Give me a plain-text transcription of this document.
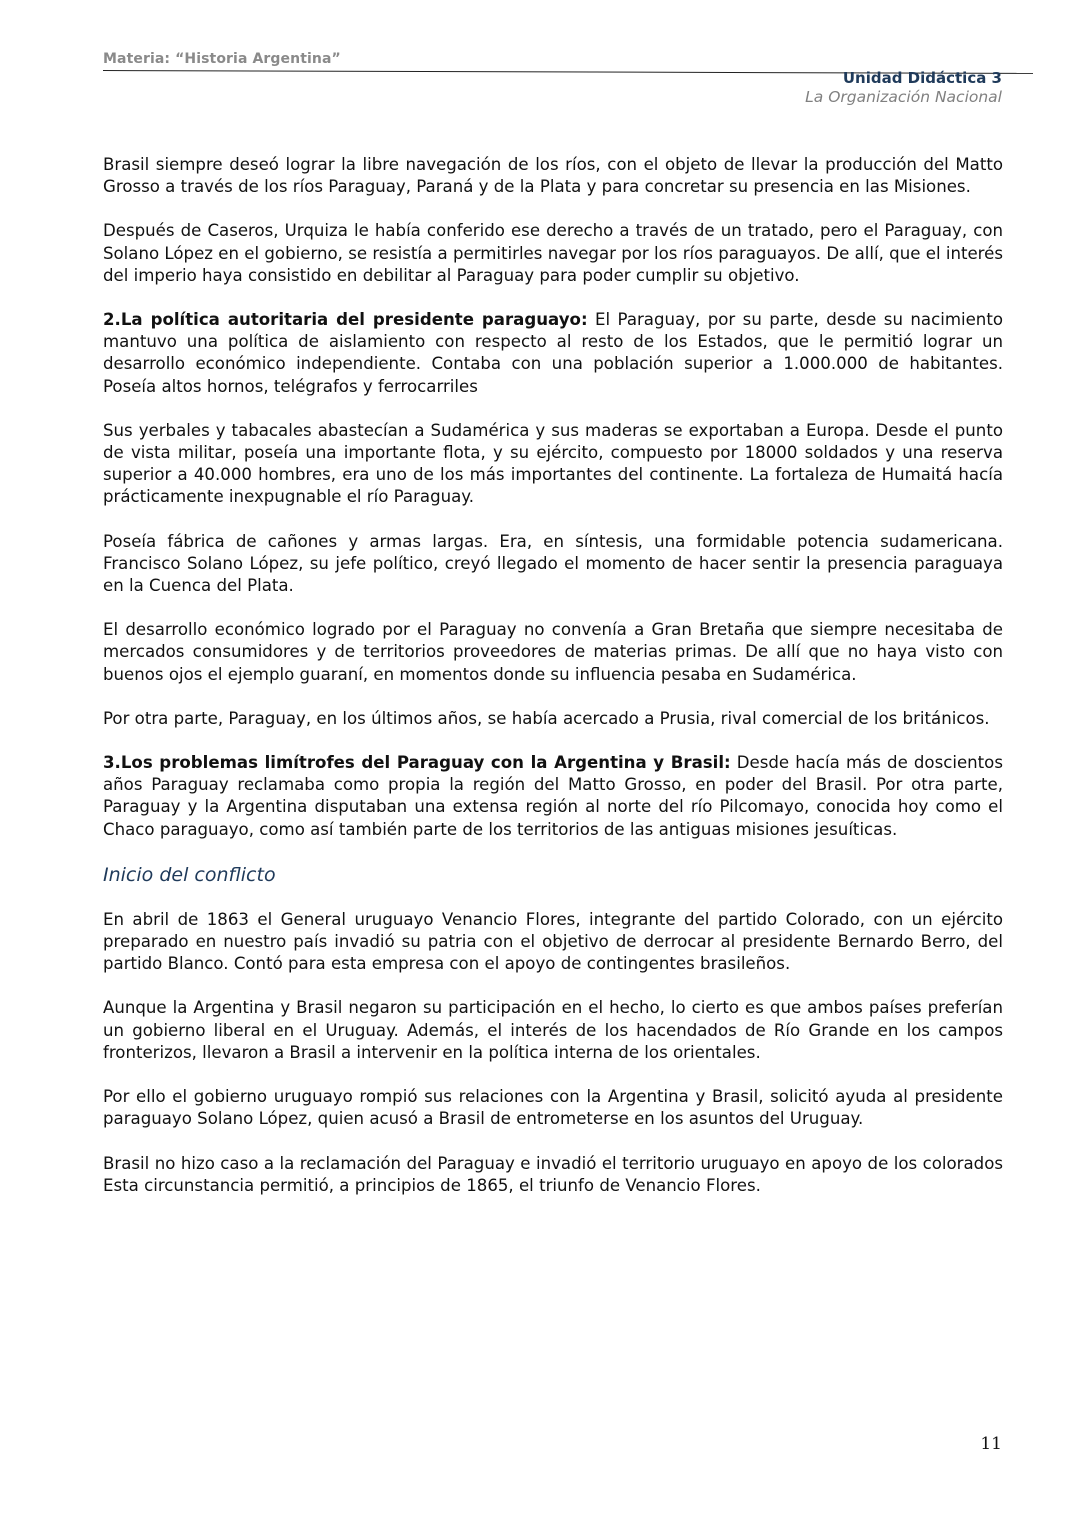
Materia: “Historia Argentina”
Unidad Didáctica 3
La Organización Nacional

Brasil siempre deseó lograr la libre navegación de los ríos, con el objeto de llevar la producción del Matto Grosso a través de los ríos Paraguay, Paraná y de la Plata y para concretar su presencia en las Misiones.

Después de Caseros, Urquiza le había conferido ese derecho a través de un tratado, pero el Paraguay, con Solano López en el gobierno, se resistía a permitirles navegar por los ríos paraguayos. De allí, que el interés del imperio haya consistido en debilitar al Paraguay para poder cumplir su objetivo.

2.La política autoritaria del presidente paraguayo: El Paraguay, por su parte, desde su nacimiento mantuvo una política de aislamiento con respecto al resto de los Estados, que le permitió lograr un desarrollo económico independiente. Contaba con una población superior a 1.000.000 de habitantes. Poseía altos hornos, telégrafos y ferrocarriles

Sus yerbales y tabacales abastecían a Sudamérica y sus maderas se exportaban a Europa. Desde el punto de vista militar, poseía una importante flota, y su ejército, compuesto por 18000 soldados y una reserva superior a 40.000 hombres, era uno de los más importantes del continente. La fortaleza de Humaitá hacía prácticamente inexpugnable el río Paraguay.

Poseía fábrica de cañones y armas largas. Era, en síntesis, una formidable potencia sudamericana. Francisco Solano López, su jefe político, creyó llegado el momento de hacer sentir la presencia paraguaya en la Cuenca del Plata.

El desarrollo económico logrado por el Paraguay no convenía a Gran Bretaña que siempre necesitaba de mercados consumidores y de territorios proveedores de materias primas. De allí que no haya visto con buenos ojos el ejemplo guaraní, en momentos donde su influencia pesaba en Sudamérica.

Por otra parte, Paraguay, en los últimos años, se había acercado a Prusia, rival comercial de los británicos.

3.Los problemas limítrofes del Paraguay con la Argentina y Brasil: Desde hacía más de doscientos años Paraguay reclamaba como propia la región del Matto Grosso, en poder del Brasil. Por otra parte, Paraguay y la Argentina disputaban una extensa región al norte del río Pilcomayo, conocida hoy como el Chaco paraguayo, como así también parte de los territorios de las antiguas misiones jesuíticas.

Inicio del conflicto

En abril de 1863 el General uruguayo Venancio Flores, integrante del partido Colorado, con un ejército preparado en nuestro país invadió su patria con el objetivo de derrocar al presidente Bernardo Berro, del partido Blanco. Contó para esta empresa con el apoyo de contingentes brasileños.

Aunque la Argentina y Brasil negaron su participación en el hecho, lo cierto es que ambos países preferían un gobierno liberal en el Uruguay. Además, el interés de los hacendados de Río Grande en los campos fronterizos, llevaron a Brasil a intervenir en la política interna de los orientales.

Por ello el gobierno uruguayo rompió sus relaciones con la Argentina y Brasil, solicitó ayuda al presidente paraguayo Solano López, quien acusó a Brasil de entrometerse en los asuntos del Uruguay.

Brasil no hizo caso a la reclamación del Paraguay e invadió el territorio uruguayo en apoyo de los colorados Esta circunstancia permitió, a principios de 1865, el triunfo de Venancio Flores.

11
